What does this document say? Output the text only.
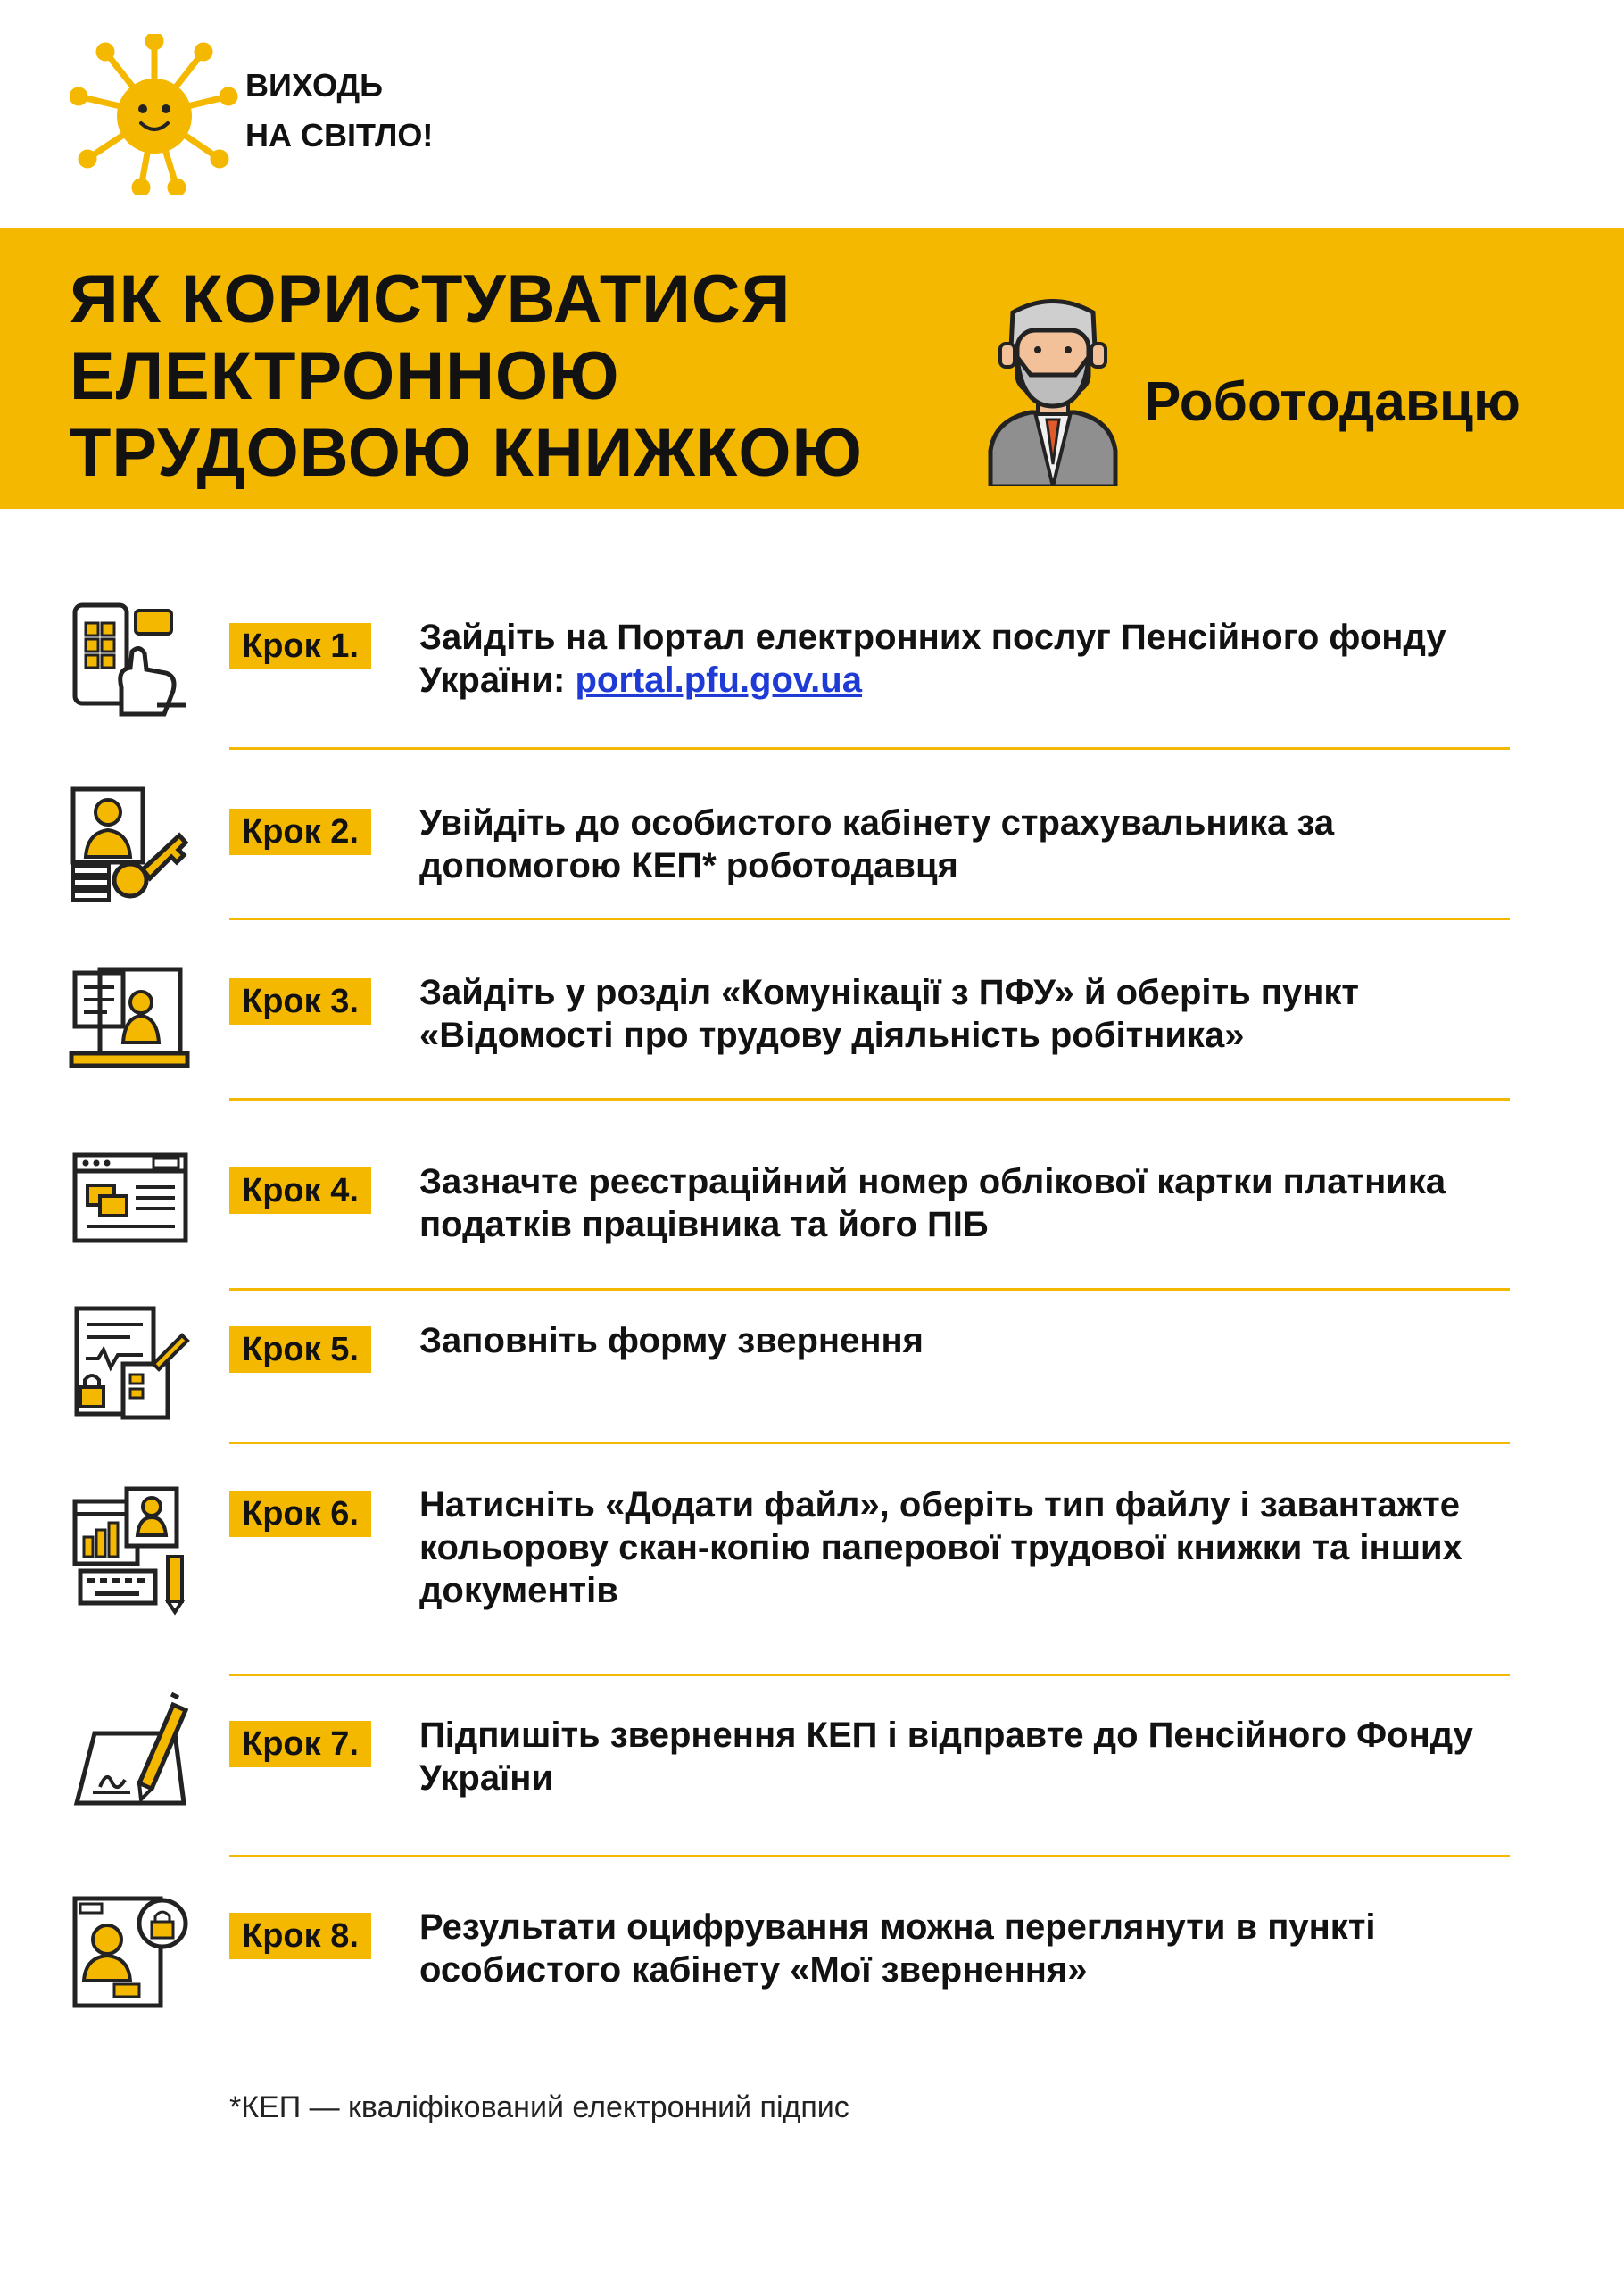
ВИХОДЬ
НА СВІТЛО!
ЯК КОРИСТУВАТИСЯ
ЕЛЕКТРОННОЮ
ТРУДОВОЮ КНИЖКОЮ
Роботодавцю
Крок 1.	Зайдіть на Портал електронних послуг Пенсійного фонду України: portal.pfu.gov.ua
Крок 2.	Увійдіть до особистого кабінету страхувальника за допомогою КЕП* роботодавця
Крок 3.	Зайдіть у розділ «Комунікації з ПФУ» й оберіть пункт «Відомості про трудову діяльність робітника»
Крок 4.	Зазначте реєстраційний номер облікової картки платника податків працівника та його ПІБ
Крок 5.	Заповніть форму звернення
Крок 6.	Натисніть «Додати файл», оберіть тип файлу і завантажте кольорову скан-копію паперової трудової книжки та інших документів
Крок 7.	Підпишіть звернення КЕП і відправте до Пенсійного Фонду України
Крок 8.	Результати оцифрування можна переглянути в пункті особистого кабінету «Мої звернення»
*КЕП — кваліфікований електронний підпис
